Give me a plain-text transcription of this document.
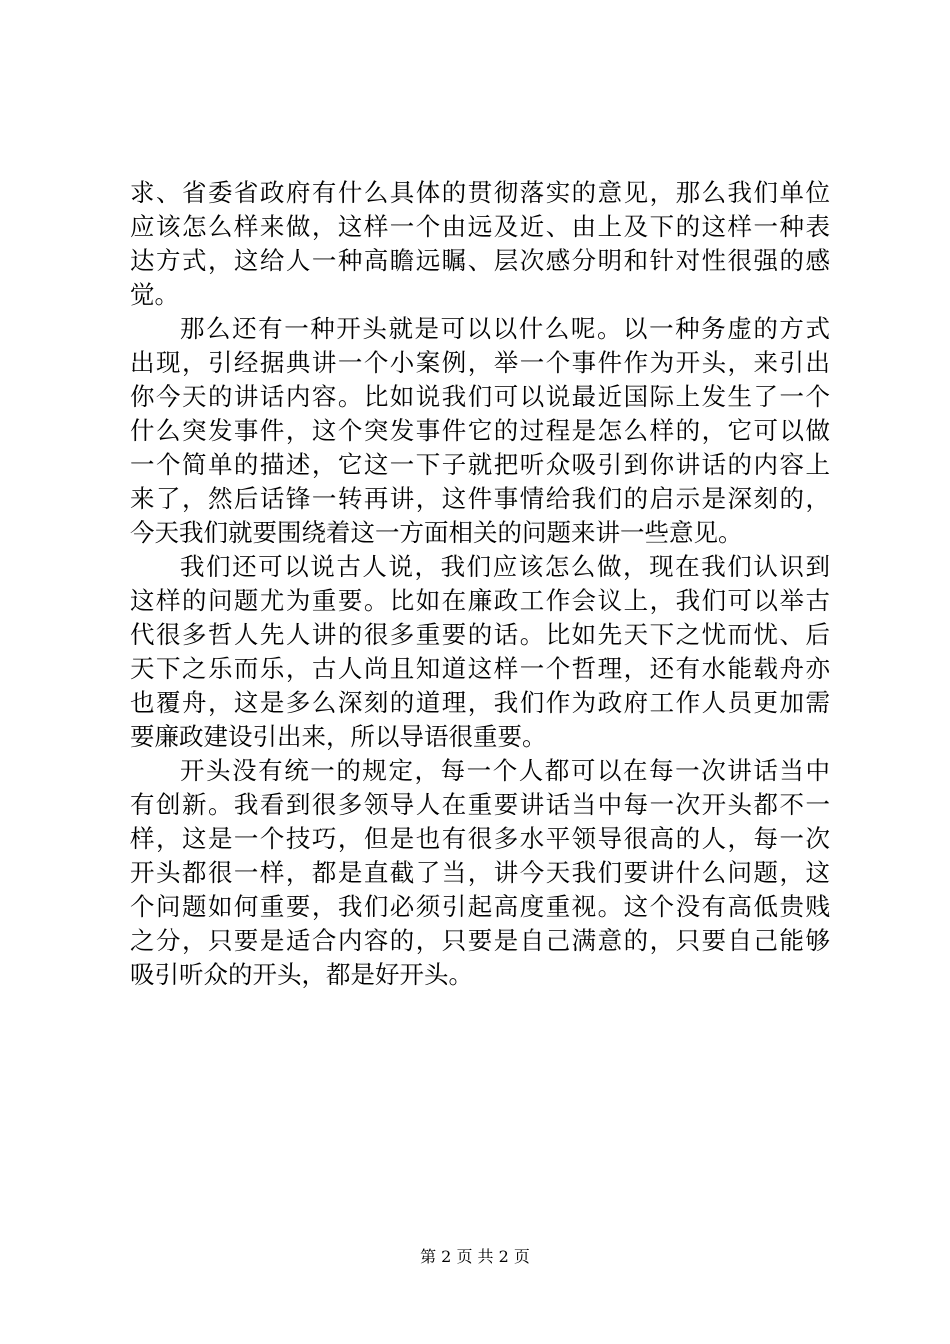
求、省委省政府有什么具体的贯彻落实的意见，那么我们单位
应该怎么样来做，这样一个由远及近、由上及下的这样一种表
达方式，这给人一种高瞻远瞩、层次感分明和针对性很强的感
觉。
那么还有一种开头就是可以以什么呢。以一种务虚的方式
出现，引经据典讲一个小案例，举一个事件作为开头，来引出
你今天的讲话内容。比如说我们可以说最近国际上发生了一个
什么突发事件，这个突发事件它的过程是怎么样的，它可以做
一个简单的描述，它这一下子就把听众吸引到你讲话的内容上
来了，然后话锋一转再讲，这件事情给我们的启示是深刻的，
今天我们就要围绕着这一方面相关的问题来讲一些意见。
我们还可以说古人说，我们应该怎么做，现在我们认识到
这样的问题尤为重要。比如在廉政工作会议上，我们可以举古
代很多哲人先人讲的很多重要的话。比如先天下之忧而忧、后
天下之乐而乐，古人尚且知道这样一个哲理，还有水能载舟亦
也覆舟，这是多么深刻的道理，我们作为政府工作人员更加需
要廉政建设引出来，所以导语很重要。
开头没有统一的规定，每一个人都可以在每一次讲话当中
有创新。我看到很多领导人在重要讲话当中每一次开头都不一
样，这是一个技巧，但是也有很多水平领导很高的人，每一次
开头都很一样，都是直截了当，讲今天我们要讲什么问题，这
个问题如何重要，我们必须引起高度重视。这个没有高低贵贱
之分，只要是适合内容的，只要是自己满意的，只要自己能够
吸引听众的开头，都是好开头。
第 2 页 共 2 页
